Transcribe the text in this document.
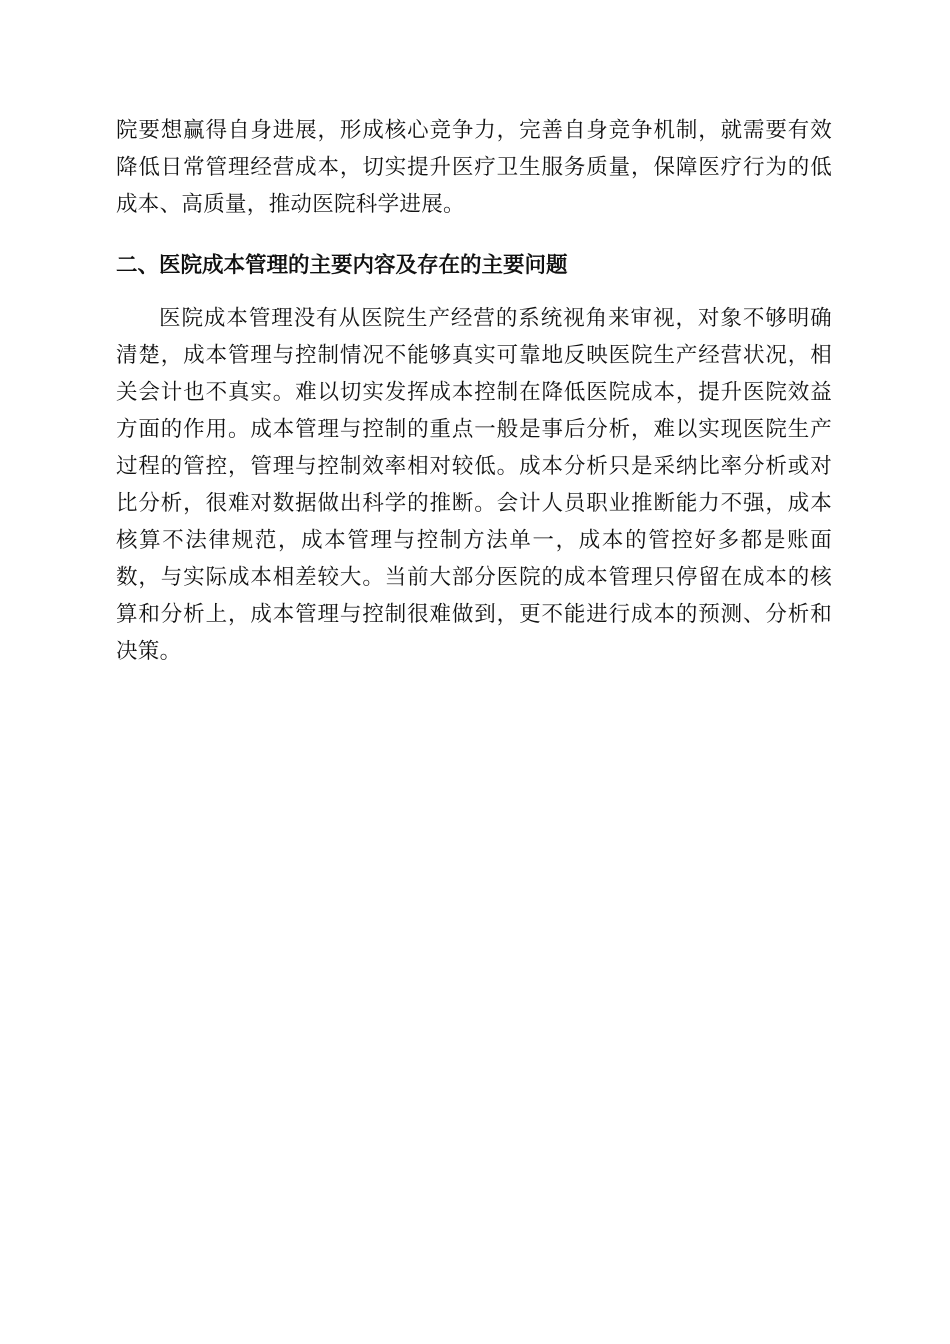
院要想赢得自身进展，形成核心竞争力，完善自身竞争机制，就需要有效
降低日常管理经营成本，切实提升医疗卫生服务质量，保障医疗行为的低
成本、高质量，推动医院科学进展。
二、医院成本管理的主要内容及存在的主要问题
医院成本管理没有从医院生产经营的系统视角来审视，对象不够明确
清楚，成本管理与控制情况不能够真实可靠地反映医院生产经营状况，相
关会计也不真实。难以切实发挥成本控制在降低医院成本，提升医院效益
方面的作用。成本管理与控制的重点一般是事后分析，难以实现医院生产
过程的管控，管理与控制效率相对较低。成本分析只是采纳比率分析或对
比分析，很难对数据做出科学的推断。会计人员职业推断能力不强，成本
核算不法律规范，成本管理与控制方法单一，成本的管控好多都是账面
数，与实际成本相差较大。当前大部分医院的成本管理只停留在成本的核
算和分析上，成本管理与控制很难做到，更不能进行成本的预测、分析和
决策。
